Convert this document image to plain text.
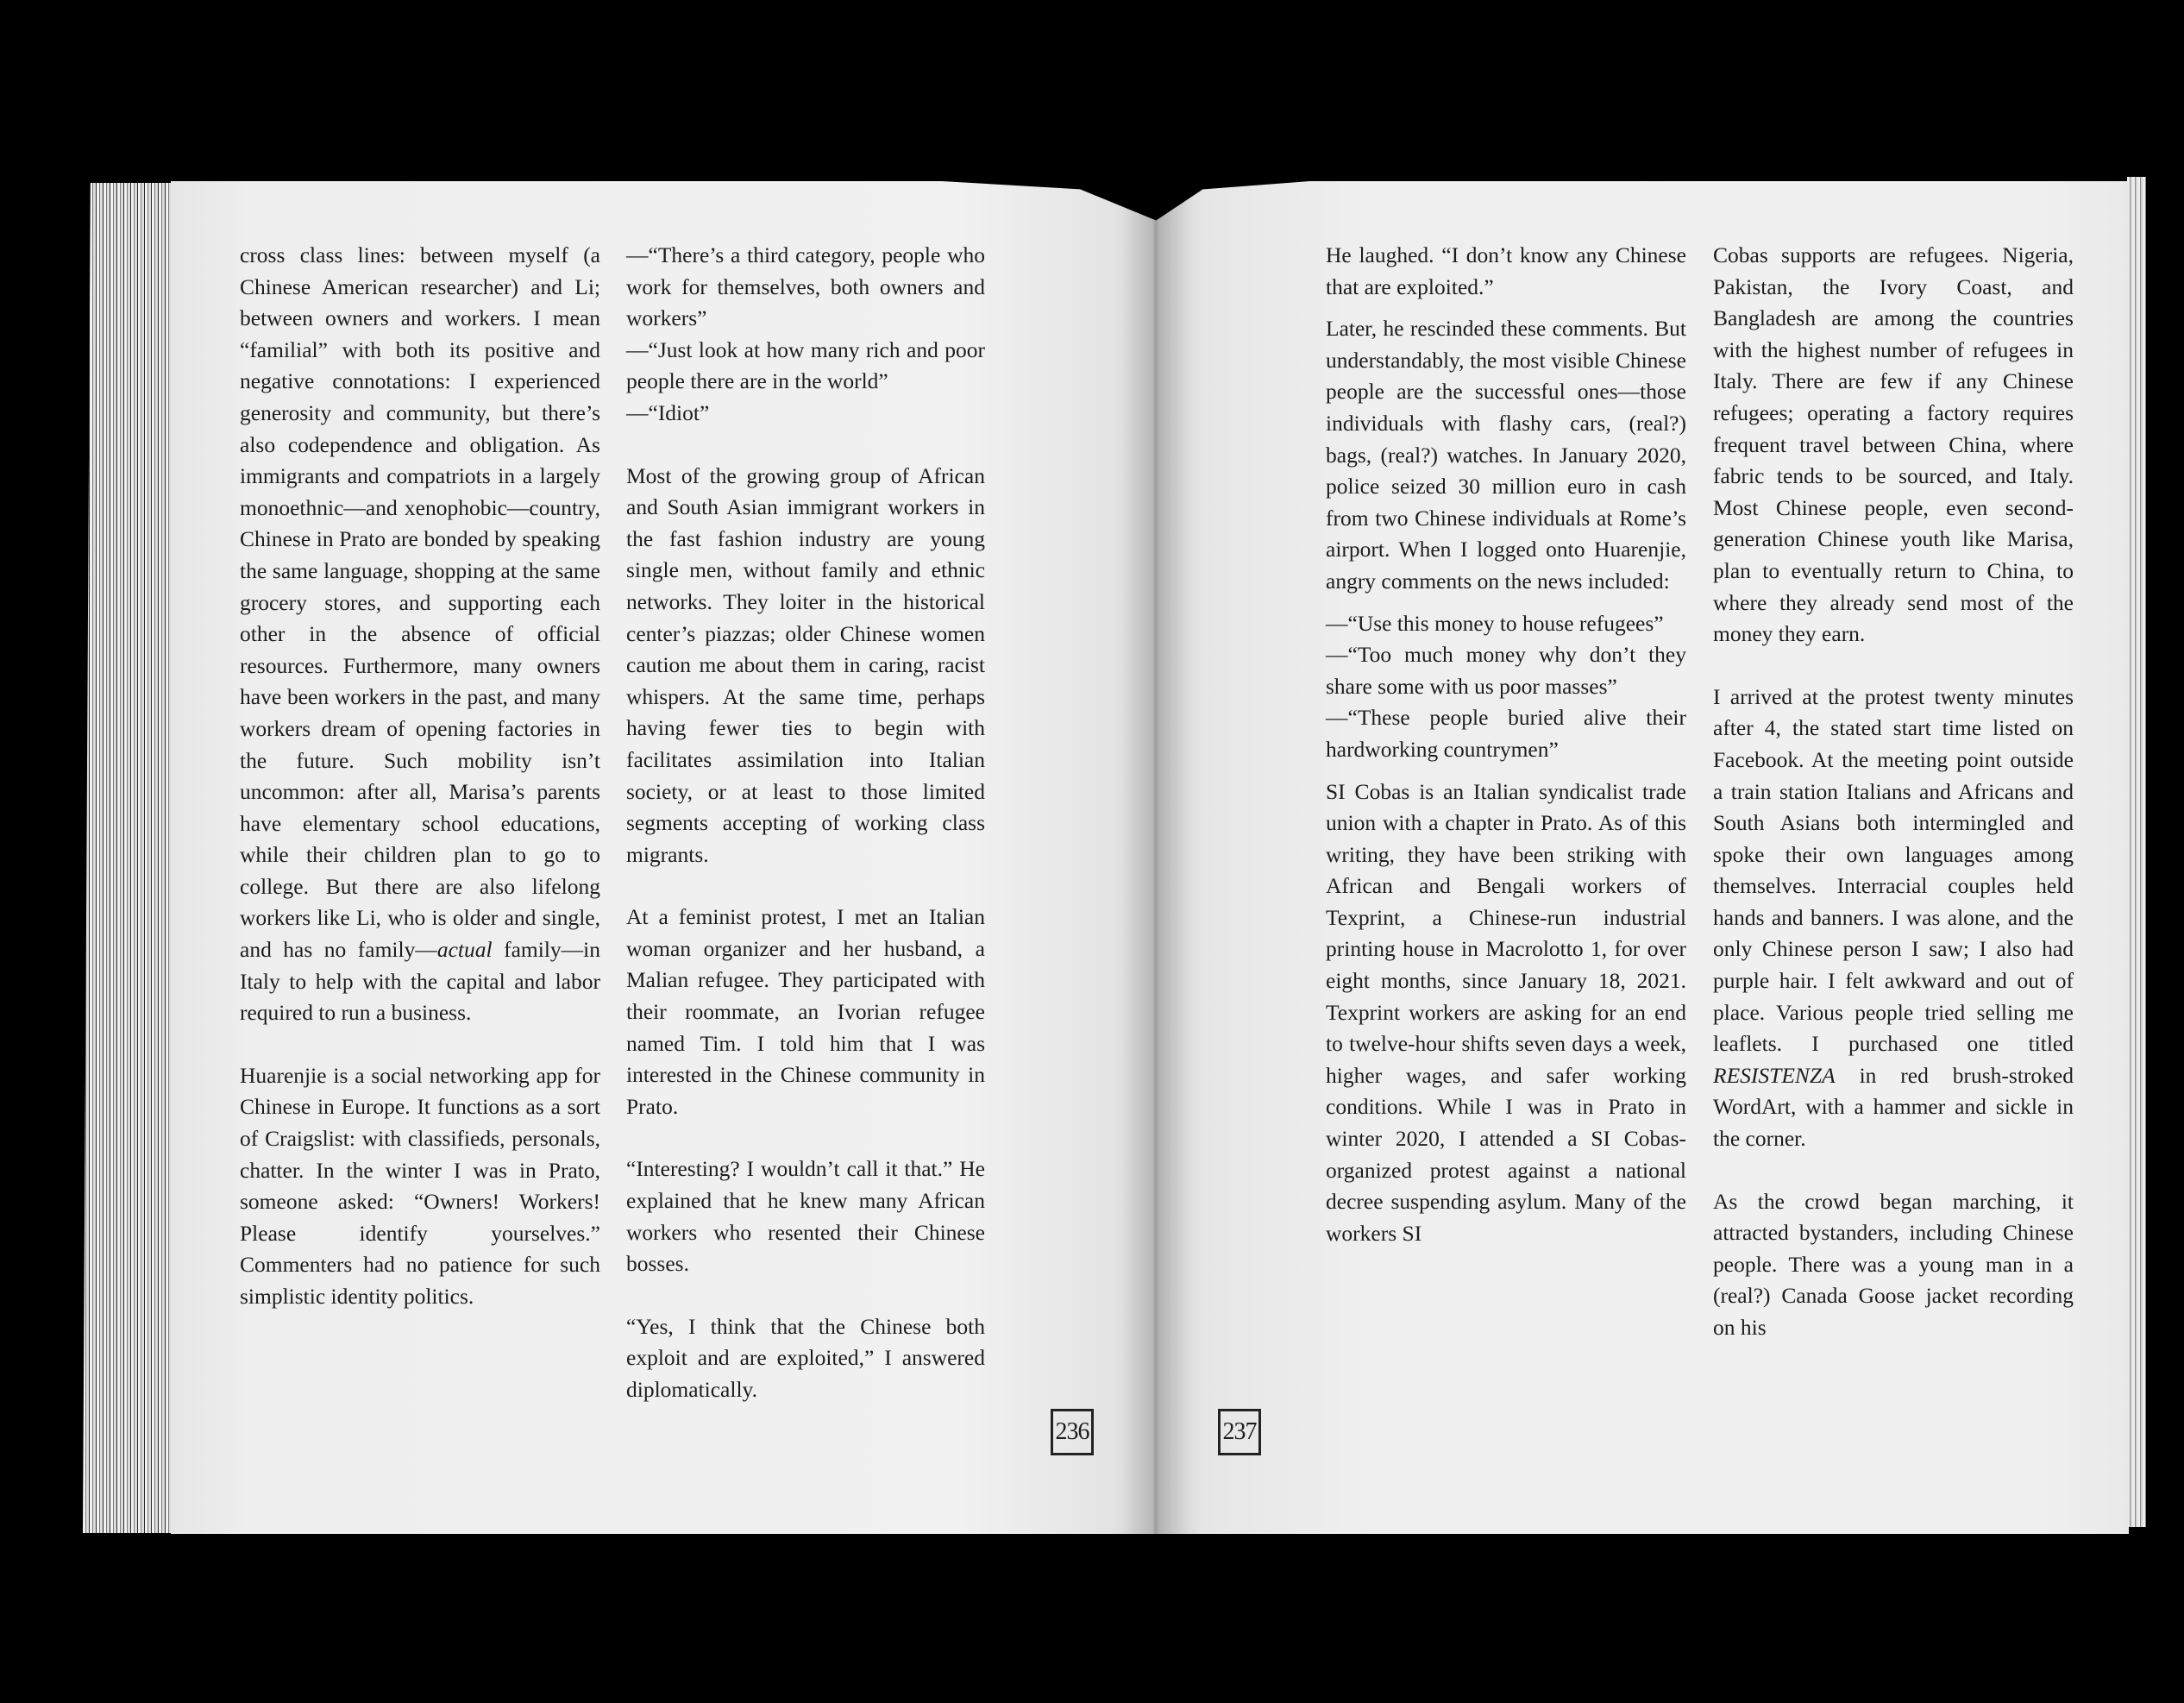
cross class lines: between myself (a Chinese American researcher) and Li; between owners and workers. I mean “familial” with both its positive and negative connotations: I experienced generosity and community, but there’s also codependence and obligation. As immigrants and compatriots in a largely monoethnic—and xenophobic—country, Chinese in Prato are bonded by speaking the same language, shopping at the same grocery stores, and supporting each other in the absence of official resources. Furthermore, many owners have been workers in the past, and many workers dream of opening factories in the future. Such mobility isn’t uncommon: after all, Marisa’s parents have elementary school educations, while their children plan to go to college. But there are also lifelong workers like Li, who is older and single, and has no family—actual family—in Italy to help with the capital and labor required to run a business.

Huarenjie is a social networking app for Chinese in Europe. It functions as a sort of Craigslist: with classifieds, personals, chatter. In the winter I was in Prato, someone asked: “Owners! Workers! Please identify yourselves.” Commenters had no patience for such simplistic identity politics.

—“There’s a third category, people who work for themselves, both owners and workers”

—“Just look at how many rich and poor people there are in the world”

—“Idiot”

Most of the growing group of African and South Asian immigrant workers in the fast fashion industry are young single men, without family and ethnic networks. They loiter in the historical center’s piazzas; older Chinese women caution me about them in caring, racist whispers. At the same time, perhaps having fewer ties to begin with facilitates assimilation into Italian society, or at least to those limited segments accepting of working class migrants.

At a feminist protest, I met an Italian woman organizer and her husband, a Malian refugee. They participated with their roommate, an Ivorian refugee named Tim. I told him that I was interested in the Chinese community in Prato.

“Interesting? I wouldn’t call it that.” He explained that he knew many African workers who resented their Chinese bosses.

“Yes, I think that the Chinese both exploit and are exploited,” I answered diplomatically.

He laughed. “I don’t know any Chinese that are exploited.”

Later, he rescinded these comments. But understandably, the most visible Chinese people are the successful ones—those individuals with flashy cars, (real?) bags, (real?) watches. In January 2020, police seized 30 million euro in cash from two Chinese individuals at Rome’s airport. When I logged onto Huarenjie, angry comments on the news included:

—“Use this money to house refugees”

—“Too much money why don’t they share some with us poor masses”

—“These people buried alive their hardworking countrymen”

SI Cobas is an Italian syndicalist trade union with a chapter in Prato. As of this writing, they have been striking with African and Bengali workers of Texprint, a Chinese-run industrial printing house in Macrolotto 1, for over eight months, since January 18, 2021. Texprint workers are asking for an end to twelve-hour shifts seven days a week, higher wages, and safer working conditions. While I was in Prato in winter 2020, I attended a SI Cobas-organized protest against a national decree suspending asylum. Many of the workers SI

Cobas supports are refugees. Nigeria, Pakistan, the Ivory Coast, and Bangladesh are among the countries with the highest number of refugees in Italy. There are few if any Chinese refugees; operating a factory requires frequent travel between China, where fabric tends to be sourced, and Italy. Most Chinese people, even second-generation Chinese youth like Marisa, plan to eventually return to China, to where they already send most of the money they earn.

I arrived at the protest twenty minutes after 4, the stated start time listed on Facebook. At the meeting point outside a train station Italians and Africans and South Asians both intermingled and spoke their own languages among themselves. Interracial couples held hands and banners. I was alone, and the only Chinese person I saw; I also had purple hair. I felt awkward and out of place. Various people tried selling me leaflets. I purchased one titled RESISTENZA in red brush-stroked WordArt, with a hammer and sickle in the corner.

As the crowd began marching, it attracted bystanders, including Chinese people. There was a young man in a (real?) Canada Goose jacket recording on his

236	237
